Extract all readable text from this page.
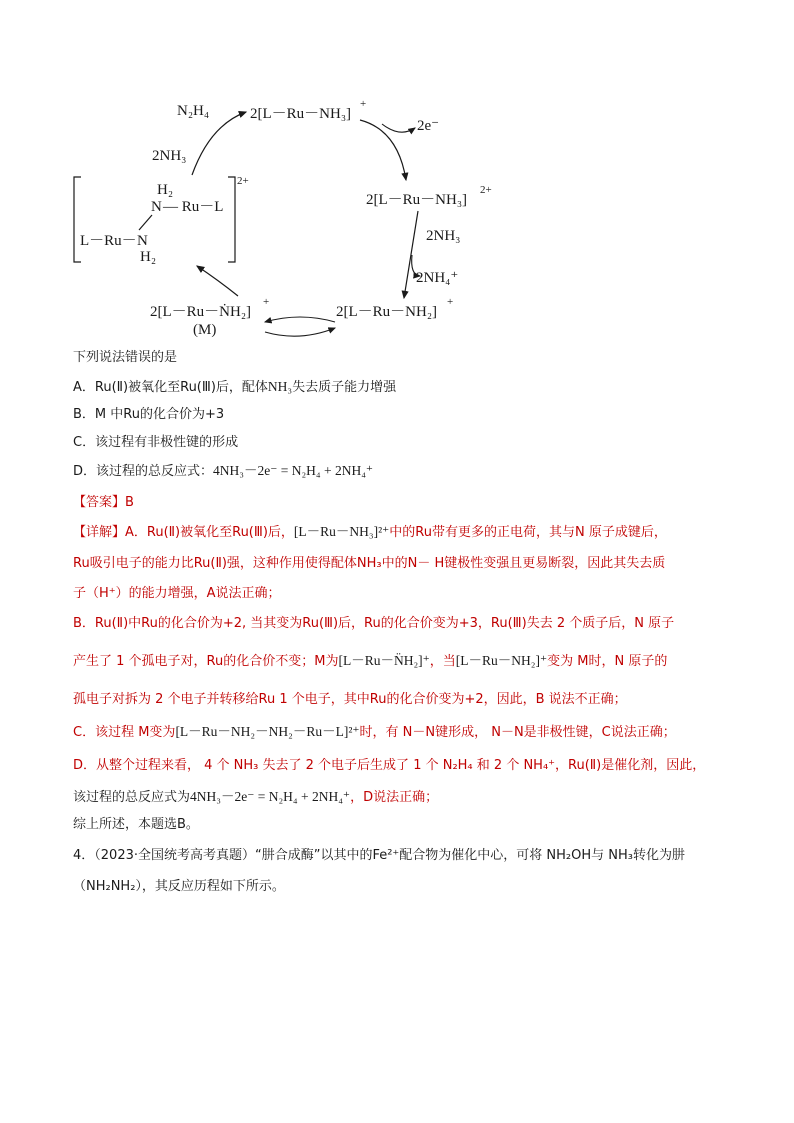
N₂H₄	2[L－Ru－NH₃]
+
2e⁻
2NH₃
2[L－Ru－NH₃]
2+
2NH₃
2NH₄⁺
2[L－Ru－NH₂]
+
2[L－Ru－ṄH₂]
+
(M)
2+
H₂
N — Ru－L
L－Ru－ N
H₂
下列说法错误的是
A．Ru(Ⅱ)被氧化至Ru(Ⅲ)后，配体NH₃失去质子能力增强
B．M 中Ru的化合价为+3
C．该过程有非极性键的形成
D．该过程的总反应式：4NH₃－2e⁻ = N₂H₄ + 2NH₄⁺
【答案】B
【详解】A．Ru(Ⅱ)被氧化至Ru(Ⅲ)后，[L－Ru－NH₃]²⁺中的Ru带有更多的正电荷，其与N 原子成键后，
Ru吸引电子的能力比Ru(Ⅱ)强，这种作用使得配体NH₃中的N－ H键极性变强且更易断裂，因此其失去质
子（H⁺）的能力增强，A说法正确；
B．Ru(Ⅱ)中Ru的化合价为+2, 当其变为Ru(Ⅲ)后，Ru的化合价变为+3，Ru(Ⅲ)失去 2 个质子后，N 原子
产生了 1 个孤电子对，Ru的化合价不变；M为[L－Ru－N̈H₂]⁺，当[L－Ru－NH₂]⁺变为 M时，N 原子的
孤电子对拆为 2 个电子并转移给Ru 1 个电子，其中Ru的化合价变为+2，因此，B 说法不正确；
C．该过程 M变为[L－Ru－NH₂－NH₂－Ru－L]²⁺时，有 N－N键形成， N－N是非极性键，C说法正确；
D．从整个过程来看， 4 个 NH₃ 失去了 2 个电子后生成了 1 个 N₂H₄ 和 2 个 NH₄⁺，Ru(Ⅱ)是催化剂，因此，
该过程的总反应式为4NH₃－2e⁻ = N₂H₄ + 2NH₄⁺，D说法正确；
综上所述，本题选B。
4．（2023·全国统考高考真题）“肼合成酶”以其中的Fe²⁺配合物为催化中心，可将 NH₂OH与 NH₃转化为肼
（NH₂NH₂），其反应历程如下所示。
